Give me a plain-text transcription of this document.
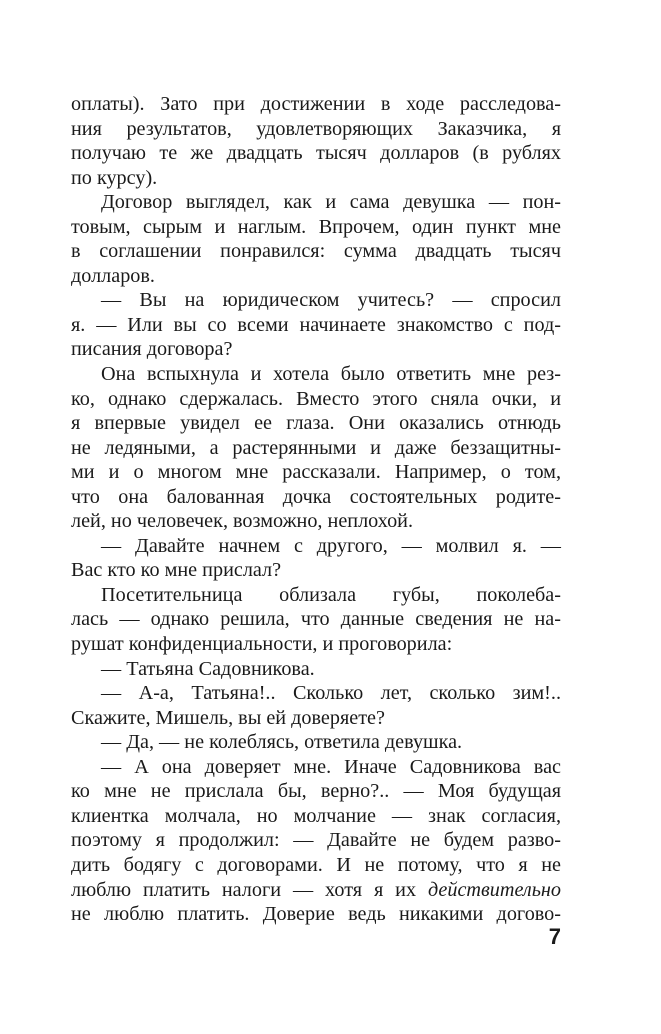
оплаты). Зато при достижении в ходе расследова-
ния результатов, удовлетворяющих Заказчика, я
получаю те же двадцать тысяч долларов (в рублях
по курсу).
Договор выглядел, как и сама девушка — пон-
товым, сырым и наглым. Впрочем, один пункт мне
в соглашении понравился: сумма двадцать тысяч
долларов.
— Вы на юридическом учитесь? — спросил
я. — Или вы со всеми начинаете знакомство с под-
писания договора?
Она вспыхнула и хотела было ответить мне рез-
ко, однако сдержалась. Вместо этого сняла очки, и
я впервые увидел ее глаза. Они оказались отнюдь
не ледяными, а растерянными и даже беззащитны-
ми и о многом мне рассказали. Например, о том,
что она балованная дочка состоятельных родите-
лей, но человечек, возможно, неплохой.
— Давайте начнем с другого, — молвил я. —
Вас кто ко мне прислал?
Посетительница облизала губы, поколеба-
лась — однако решила, что данные сведения не на-
рушат конфиденциальности, и проговорила:
— Татьяна Садовникова.
— А-а, Татьяна!.. Сколько лет, сколько зим!..
Скажите, Мишель, вы ей доверяете?
— Да, — не колеблясь, ответила девушка.
— А она доверяет мне. Иначе Садовникова вас
ко мне не прислала бы, верно?.. — Моя будущая
клиентка молчала, но молчание — знак согласия,
поэтому я продолжил: — Давайте не будем разво-
дить бодягу с договорами. И не потому, что я не
люблю платить налоги — хотя я их действительно
не люблю платить. Доверие ведь никакими догово-
7
